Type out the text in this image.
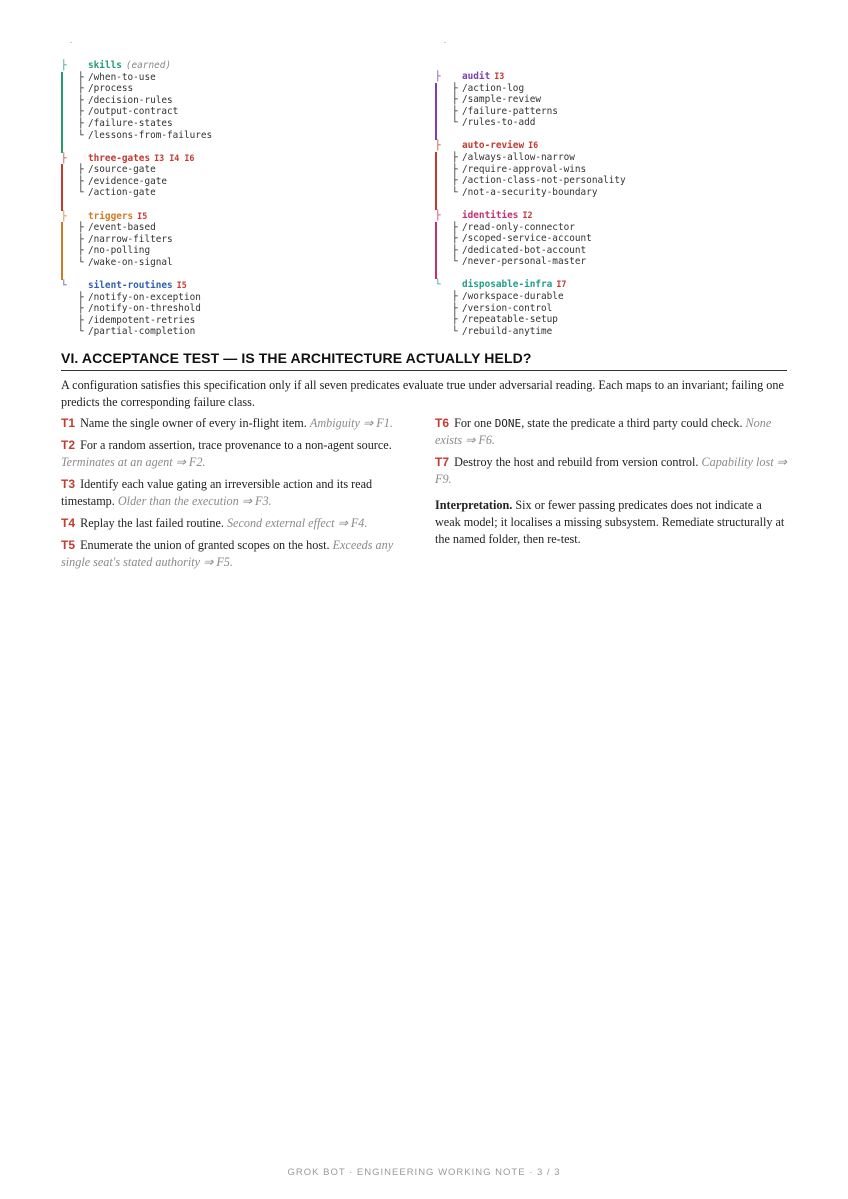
├ skills (earned)
├ /when-to-use
├ /process
├ /decision-rules
├ /output-contract
├ /failure-states
└ /lessons-from-failures
├ three-gates I3 I4 I6
├ /source-gate
├ /evidence-gate
└ /action-gate
├ triggers I5
├ /event-based
├ /narrow-filters
├ /no-polling
└ /wake-on-signal
└ silent-routines I5
├ /notify-on-exception
├ /notify-on-threshold
├ /idempotent-retries
└ /partial-completion
├ audit I3
├ /action-log
├ /sample-review
├ /failure-patterns
└ /rules-to-add
├ auto-review I6
├ /always-allow-narrow
├ /require-approval-wins
├ /action-class-not-personality
└ /not-a-security-boundary
├ identities I2
├ /read-only-connector
├ /scoped-service-account
├ /dedicated-bot-account
└ /never-personal-master
└ disposable-infra I7
├ /workspace-durable
├ /version-control
├ /repeatable-setup
└ /rebuild-anytime
VI. ACCEPTANCE TEST — IS THE ARCHITECTURE ACTUALLY HELD?
A configuration satisfies this specification only if all seven predicates evaluate true under adversarial reading. Each maps to an invariant; failing one predicts the corresponding failure class.
T1 Name the single owner of every in-flight item. Ambiguity ⇒ F1.
T2 For a random assertion, trace provenance to a non-agent source. Terminates at an agent ⇒ F2.
T3 Identify each value gating an irreversible action and its read timestamp. Older than the execution ⇒ F3.
T4 Replay the last failed routine. Second external effect ⇒ F4.
T5 Enumerate the union of granted scopes on the host. Exceeds any single seat's stated authority ⇒ F5.
T6 For one DONE, state the predicate a third party could check. None exists ⇒ F6.
T7 Destroy the host and rebuild from version control. Capability lost ⇒ F9.
Interpretation. Six or fewer passing predicates does not indicate a weak model; it localises a missing subsystem. Remediate structurally at the named folder, then re-test.
GROK BOT · ENGINEERING WORKING NOTE · 3 / 3
